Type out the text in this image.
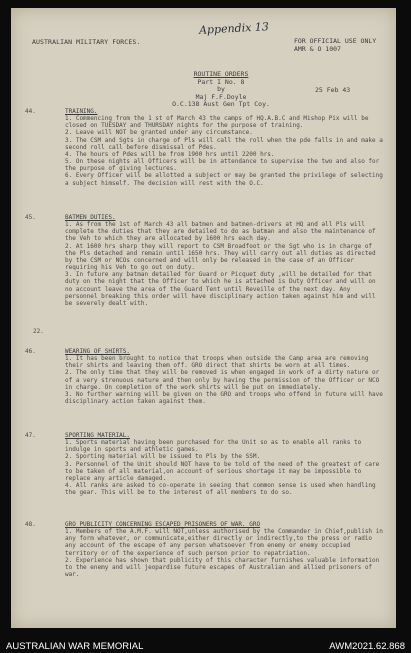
Appendix 13
AUSTRALIAN MILITARY FORCES.	FOR OFFICIAL USE ONLY
AMR & O 1007
ROUTINE ORDERS
Part I No. 8
by
Maj F.F.Doyle
O.C.138 Aust Gen Tpt Coy.
25 Feb 43
44.	TRAINING.

1. Commencing from the 1 st of March 43 the camps of HQ.A.B.C and Mishop Pix will be closed on TUESDAY and THURSDAY nights for the purpose of training.

2. Leave will NOT be granted under any circumstance.

3. The CSM and Sgts in charge of Pls will call the roll when the pde falls in and make a second roll call before dismissal of Pdes.

4. The hours of Pdes will be from 1900 hrs until 2200 hrs.

5. On these nights all Officers will be in attendance to supervise the two and also for the purpose of giving lectures.

6. Every Officer will be allotted a subject or may be granted the privilege of selecting a subject himself. The decision will rest with the O.C.

45.	BATMEN DUTIES.

1. As from the 1st of March 43 all batmen and batmen-drivers at HQ and all Pls will complete the duties that they are detailed to do as batman and also the maintenance of the Veh to which they are allocated by 1600 hrs each day.

2. At 1600 hrs sharp they will report to CSM Broadfoot or the Sgt who is in charge of the Pls detached and remain until 1650 hrs. They will carry out all duties as directed by the CSM or NCOs concerned and will only be released in the case of an Officer requiring his Veh to go out on duty.

3. In future any batman detailed for Guard or Picquet duty ,will be detailed for that duty on the night that the Officer to which he is attached is Duty Officer and will on no account leave the area of the Guard Tent until Reveille of the next day. Any personnel breaking this order will have disciplinary action taken against him and will be severely dealt with.

22.
46.	WEARING OF SHIRTS.

1. It has been brought to notice that troops when outside the Camp area are removing their shirts and leaving them off. GRO direct that shirts be worn at all times.

2. The only time that they will be removed is when engaged in work of a dirty nature or of a very strenuous nature and then only by having the permission of the Officer or NCO in charge. On completion of the work shirts will be put on immediately.

3. No further warning will be given on the GRO and troops who offend in future will have disciplinary action taken against them.

47.	SPORTING MATERIAL.

1. Sports material having been purchased for the Unit so as to enable all ranks to indulge in sports and athletic games.

2. Sporting material will be issued to Pls by the SSM.

3. Personnel of the Unit should NOT have to be told of the need of the greatest of care to be taken of all material,on account of serious shortage it may be impossible to replace any article damaged.

4. All ranks are asked to co-operate in seeing that common sense is used when handling the gear. This will be to the interest of all members to do so.

48.	GRO PUBLICITY CONCERNING ESCAPED PRISONERS OF WAR. GRO

1. Members of the A.M.F. will NOT,unless authorised by the Commander in Chief,publish in any form whatever, or communicate,either directly or indirectly,to the press or radio any account of the escape of any person whatsoever from enemy or enemy occupied territory or of the experience of such person prior to repatriation.

2. Experience has shown that publicity of this character furnishes valuable information to the enemy and will jeopardise future escapes of Australian and allied prisoners of war.

AUSTRALIAN WAR MEMORIAL	AWM2021.62.868
